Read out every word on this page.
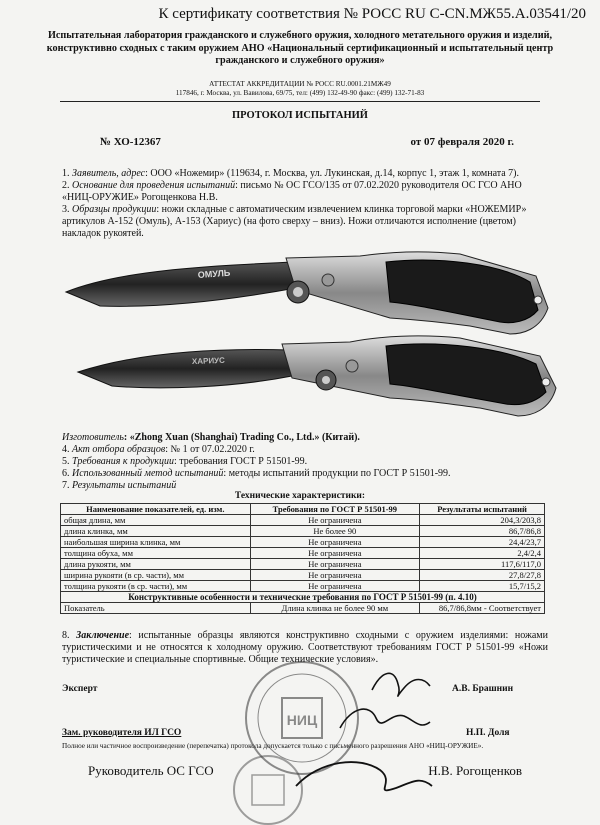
К сертификату соответствия № РОСС RU C-CN.МЖ55.А.03541/20
Испытательная лаборатория гражданского и служебного оружия, холодного метательного оружия и изделий, конструктивно сходных с таким оружием АНО «Национальный сертификационный и испытательный центр гражданского и служебного оружия»
АТТЕСТАТ АККРЕДИТАЦИИ № РОСС RU.0001.21МЖ49
117846, г. Москва, ул. Вавилова, 69/75, тел: (499) 132-49-90 факс: (499) 132-71-83
ПРОТОКОЛ ИСПЫТАНИЙ
№ ХО-12367	от 07 февраля 2020 г.

1. Заявитель, адрес: ООО «Ножемир» (119634, г. Москва, ул. Лукинская, д.14, корпус 1, этаж 1, комната 7).

2. Основание для проведения испытаний: письмо № ОС ГСО/135 от 07.02.2020 руководителя ОС ГСО АНО «НИЦ-ОРУЖИЕ» Рогощенкова Н.В.

3. Образцы продукции: ножи складные с автоматическим извлечением клинка торговой марки «НОЖЕМИР» артикулов А-152 (Омуль), А-153 (Хариус) (на фото сверху – вниз). Ножи отличаются исполнение (цветом) накладок рукоятей.

ОМУЛЬ
ХАРИУС

Изготовитель: «Zhong Xuan (Shanghai) Trading Co., Ltd.» (Китай).

4. Акт отбора образцов: № 1 от 07.02.2020 г.

5. Требования к продукции: требования ГОСТ Р 51501-99.

6. Использованный метод испытаний: методы испытаний продукции по ГОСТ Р 51501-99.

7. Результаты испытаний

Технические характеристики:
Наименование показателей, ед. изм.	Требования по ГОСТ Р 51501-99	Результаты испытаний
общая длина, мм	Не ограничена	204,3/203,8
длина клинка, мм	Не более 90	86,7/86,8
наибольшая ширина клинка, мм	Не ограничена	24,4/23,7
толщина обуха, мм	Не ограничена	2,4/2,4
длина рукояти, мм	Не ограничена	117,6/117,0
ширина рукояти (в ср. части), мм	Не ограничена	27,8/27,8
толщина рукояти (в ср. части), мм	Не ограничена	15,7/15,2
Конструктивные особенности и технические требования по ГОСТ Р 51501-99 (п. 4.10)		
Показатель	Длина клинка не более 90 мм	86,7/86,8мм - Соответствует
8. Заключение: испытанные образцы являются конструктивно сходными с оружием изделиями: ножами туристическими и не относятся к холодному оружию. Соответствуют требованиям ГОСТ Р 51501-99 «Ножи туристические и специальные спортивные. Общие технические условия».
Эксперт	А.В. Брашнин
Зам. руководителя ИЛ ГСО	Н.П. Доля
Полное или частичное воспроизведение (перепечатка) протокола допускается только с письменного разрешения АНО «НИЦ-ОРУЖИЕ».
Руководитель ОС ГСО	Н.В. Рогощенков
НИЦ
